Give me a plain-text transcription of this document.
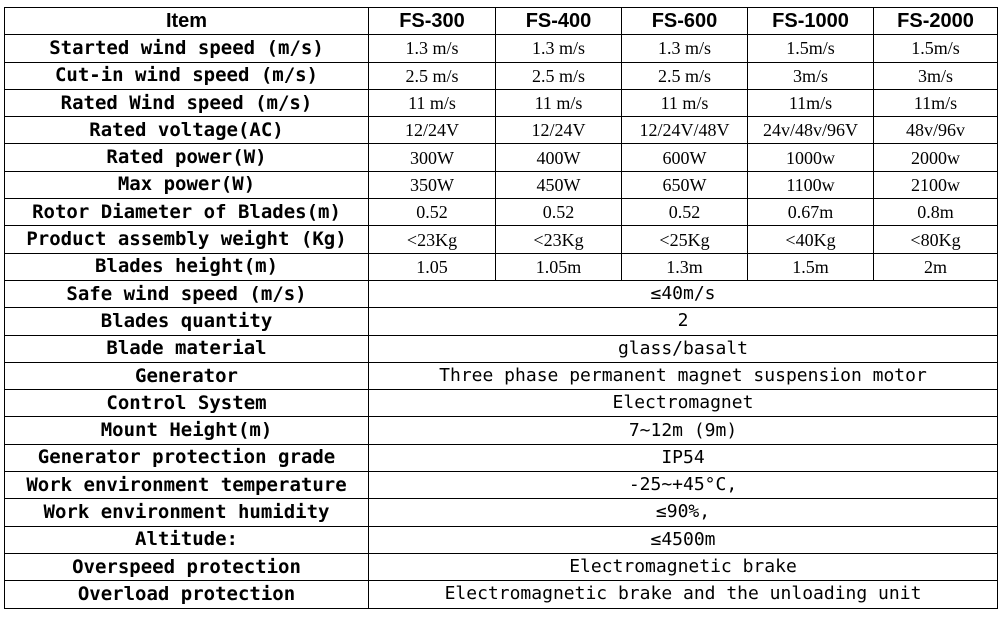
Item	FS-300	FS-400	FS-600	FS-1000	FS-2000
Started wind speed (m/s)	1.3 m/s	1.3 m/s	1.3 m/s	1.5m/s	1.5m/s
Cut-in wind speed (m/s)	2.5 m/s	2.5 m/s	2.5 m/s	3m/s	3m/s
Rated Wind speed (m/s)	11 m/s	11 m/s	11 m/s	11m/s	11m/s
Rated voltage(AC)	12/24V	12/24V	12/24V/48V	24v/48v/96V	48v/96v
Rated power(W)	300W	400W	600W	1000w	2000w
Max power(W)	350W	450W	650W	1100w	2100w
Rotor Diameter of Blades(m)	0.52	0.52	0.52	0.67m	0.8m
Product assembly weight (Kg)	<23Kg	<23Kg	<25Kg	<40Kg	<80Kg
Blades height(m)	1.05	1.05m	1.3m	1.5m	2m
Safe wind speed (m/s)	≤40m/s				
Blades quantity	2				
Blade material	glass/basalt				
Generator	Three phase permanent magnet suspension motor				
Control System	Electromagnet				
Mount Height(m)	7~12m (9m)				
Generator protection grade	IP54				
Work environment temperature	-25~+45°C,				
Work environment humidity	≤90%,				
Altitude:	≤4500m				
Overspeed protection	Electromagnetic brake				
Overload protection	Electromagnetic brake and the unloading unit				
